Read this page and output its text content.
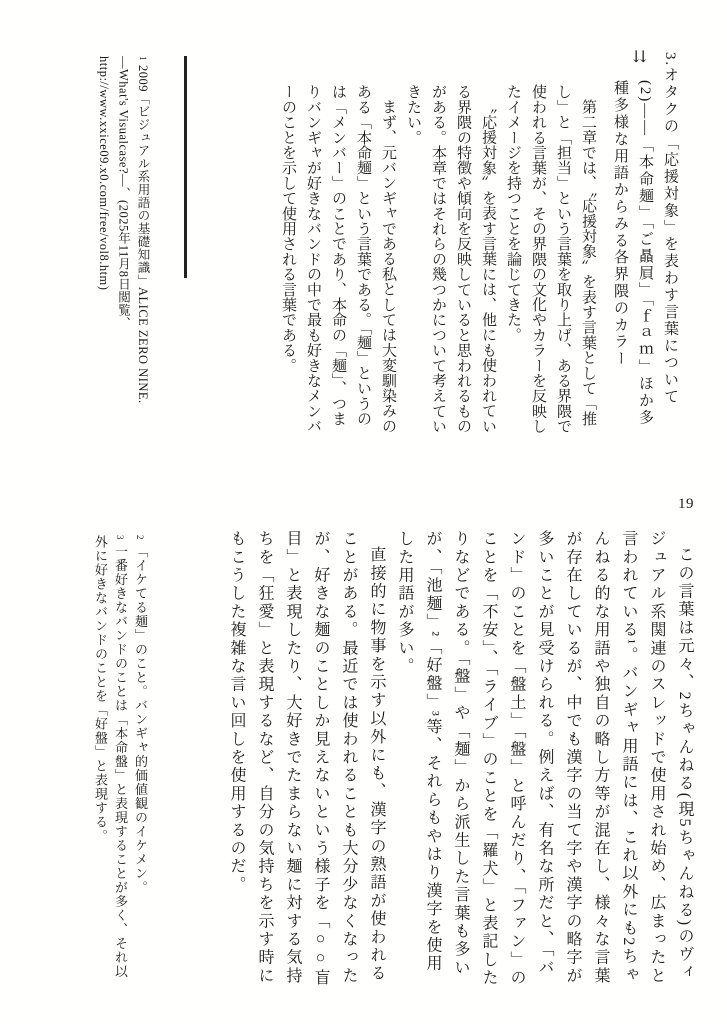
19
⇊	3.オタクの「応援対象」を表わす言葉について(2)――「本命麺」「ご贔屓」「ｆａｍ」ほか多種多様な用語からみる各界隈のカラー

第二章では、〝応援対象〟を表す言葉として「推し」と「担当」という言葉を取り上げ、ある界隈で使われる言葉が、その界隈の文化やカラーを反映したイメージを持つことを論じてきた。

〝応援対象〟を表す言葉には、他にも使われている界隈の特徴や傾向を反映していると思われるものがある。本章ではそれらの幾つかについて考えていきたい。

まず、元バンギャである私としては大変馴染みのある「本命麺」という言葉である。「麺」というのは「メンバー」のことであり、本命の「麺」、つまりバンギャが好きなバンドの中で最も好きなメンバーのことを示して使用される言葉である。

12009「ビジュアル系用語の基礎知識」ALICE ZERO NINE. ―What's Visualcase?―、(2025年11月8日閲覧、http://www.xxice09.x0.com/free/vol8.htm)

この言葉は元々、2ちゃんねる(現5ちゃんねる)のヴィジュアル系関連のスレッドで使用され始め、広まったと言われている¹。バンギャ用語には、これ以外にも2ちゃんねる的な用語や独自の略し方等が混在し、様々な言葉が存在しているが、中でも漢字の当て字や漢字の略字が多いことが見受けられる。例えば、有名な所だと、「バンド」のことを「盤土」「盤」と呼んだり、「ファン」のことを「不安」、「ライブ」のことを「羅犬」と表記したりなどである。「盤」や「麺」から派生した言葉も多いが、「池麺」²「好盤」³等、それらもやはり漢字を使用した用語が多い。

直接的に物事を示す以外にも、漢字の熟語が使われることがある。最近では使われることも大分少なくなったが、好きな麺のことしか見えないという様子を「○○盲目」と表現したり、大好きでたまらない麺に対する気持ちを「狂愛」と表現するなど、自分の気持ちを示す時にもこうした複雑な言い回しを使用するのだ。

2「イケてる麺」のこと。バンギャ的価値観のイケメン。

3一番好きなバンドのことは「本命盤」と表現することが多く、それ以外に好きなバンドのことを「好盤」と表現する。
